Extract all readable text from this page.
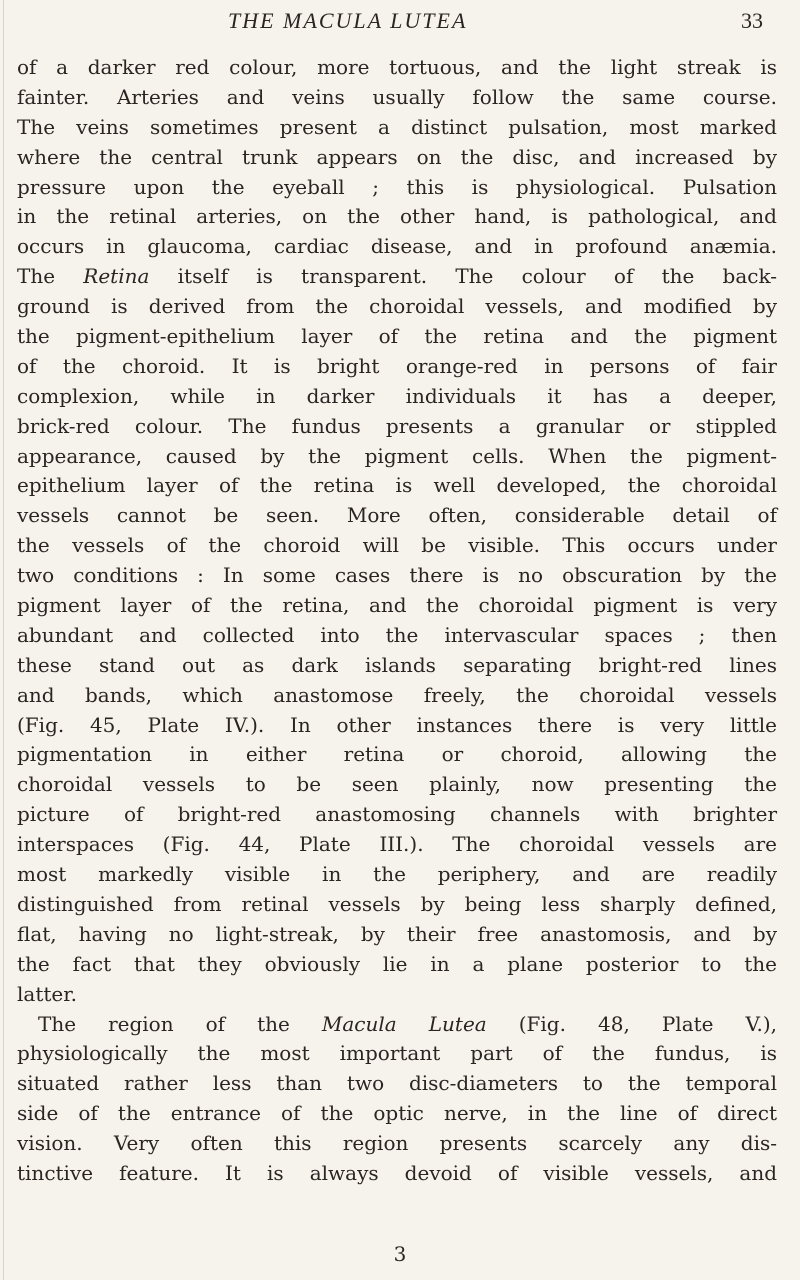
THE MACULA LUTEA	33
of a darker red colour, more tortuous, and the light streak is
fainter. Arteries and veins usually follow the same course.
The veins sometimes present a distinct pulsation, most marked
where the central trunk appears on the disc, and increased by
pressure upon the eyeball ; this is physiological. Pulsation
in the retinal arteries, on the other hand, is pathological, and
occurs in glaucoma, cardiac disease, and in profound anæmia.
The Retina itself is transparent. The colour of the back-
ground is derived from the choroidal vessels, and modified by
the pigment-epithelium layer of the retina and the pigment
of the choroid. It is bright orange-red in persons of fair
complexion, while in darker individuals it has a deeper,
brick-red colour. The fundus presents a granular or stippled
appearance, caused by the pigment cells. When the pigment-
epithelium layer of the retina is well developed, the choroidal
vessels cannot be seen. More often, considerable detail of
the vessels of the choroid will be visible. This occurs under
two conditions : In some cases there is no obscuration by the
pigment layer of the retina, and the choroidal pigment is very
abundant and collected into the intervascular spaces ; then
these stand out as dark islands separating bright-red lines
and bands, which anastomose freely, the choroidal vessels
(Fig. 45, Plate IV.). In other instances there is very little
pigmentation in either retina or choroid, allowing the
choroidal vessels to be seen plainly, now presenting the
picture of bright-red anastomosing channels with brighter
interspaces (Fig. 44, Plate III.). The choroidal vessels are
most markedly visible in the periphery, and are readily
distinguished from retinal vessels by being less sharply defined,
flat, having no light-streak, by their free anastomosis, and by
the fact that they obviously lie in a plane posterior to the
latter.
The region of the Macula Lutea (Fig. 48, Plate V.),
physiologically the most important part of the fundus, is
situated rather less than two disc-diameters to the temporal
side of the entrance of the optic nerve, in the line of direct
vision. Very often this region presents scarcely any dis-
tinctive feature. It is always devoid of visible vessels, and
3
